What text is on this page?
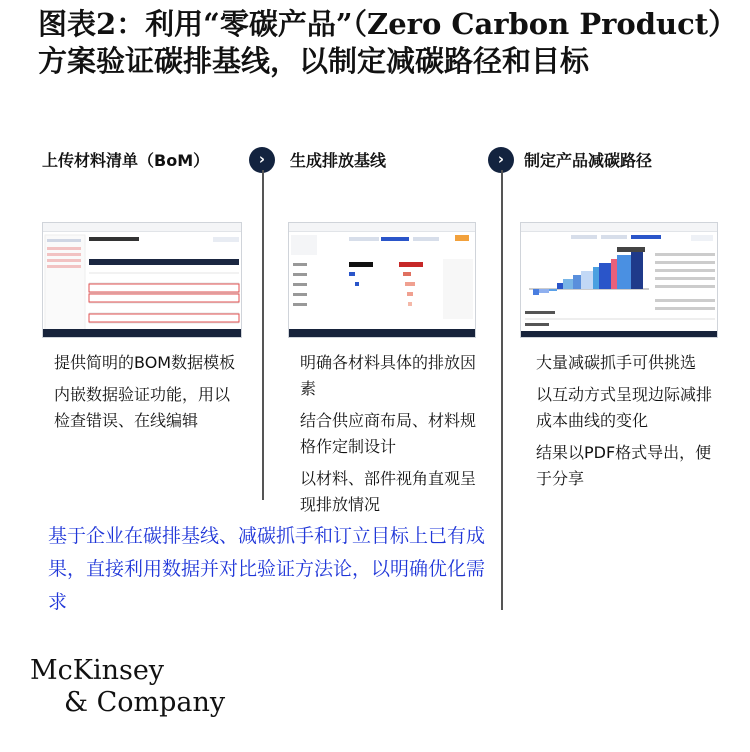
图表2：利用“零碳产品”（Zero Carbon Product）方案验证碳排基线，以制定减碳路径和目标
上传材料清单（BoM）	›

提供简明的BOM数据模板

内嵌数据验证功能，用以检查错误、在线编辑

生成排放基线	›

明确各材料具体的排放因素

结合供应商布局、材料规格作定制设计

以材料、部件视角直观呈现排放情况

制定产品减碳路径

大量减碳抓手可供挑选

以互动方式呈现边际减排成本曲线的变化

结果以PDF格式导出，便于分享

基于企业在碳排基线、减碳抓手和订立目标上已有成果，直接利用数据并对比验证方法论，以明确优化需求
McKinsey
& Company
